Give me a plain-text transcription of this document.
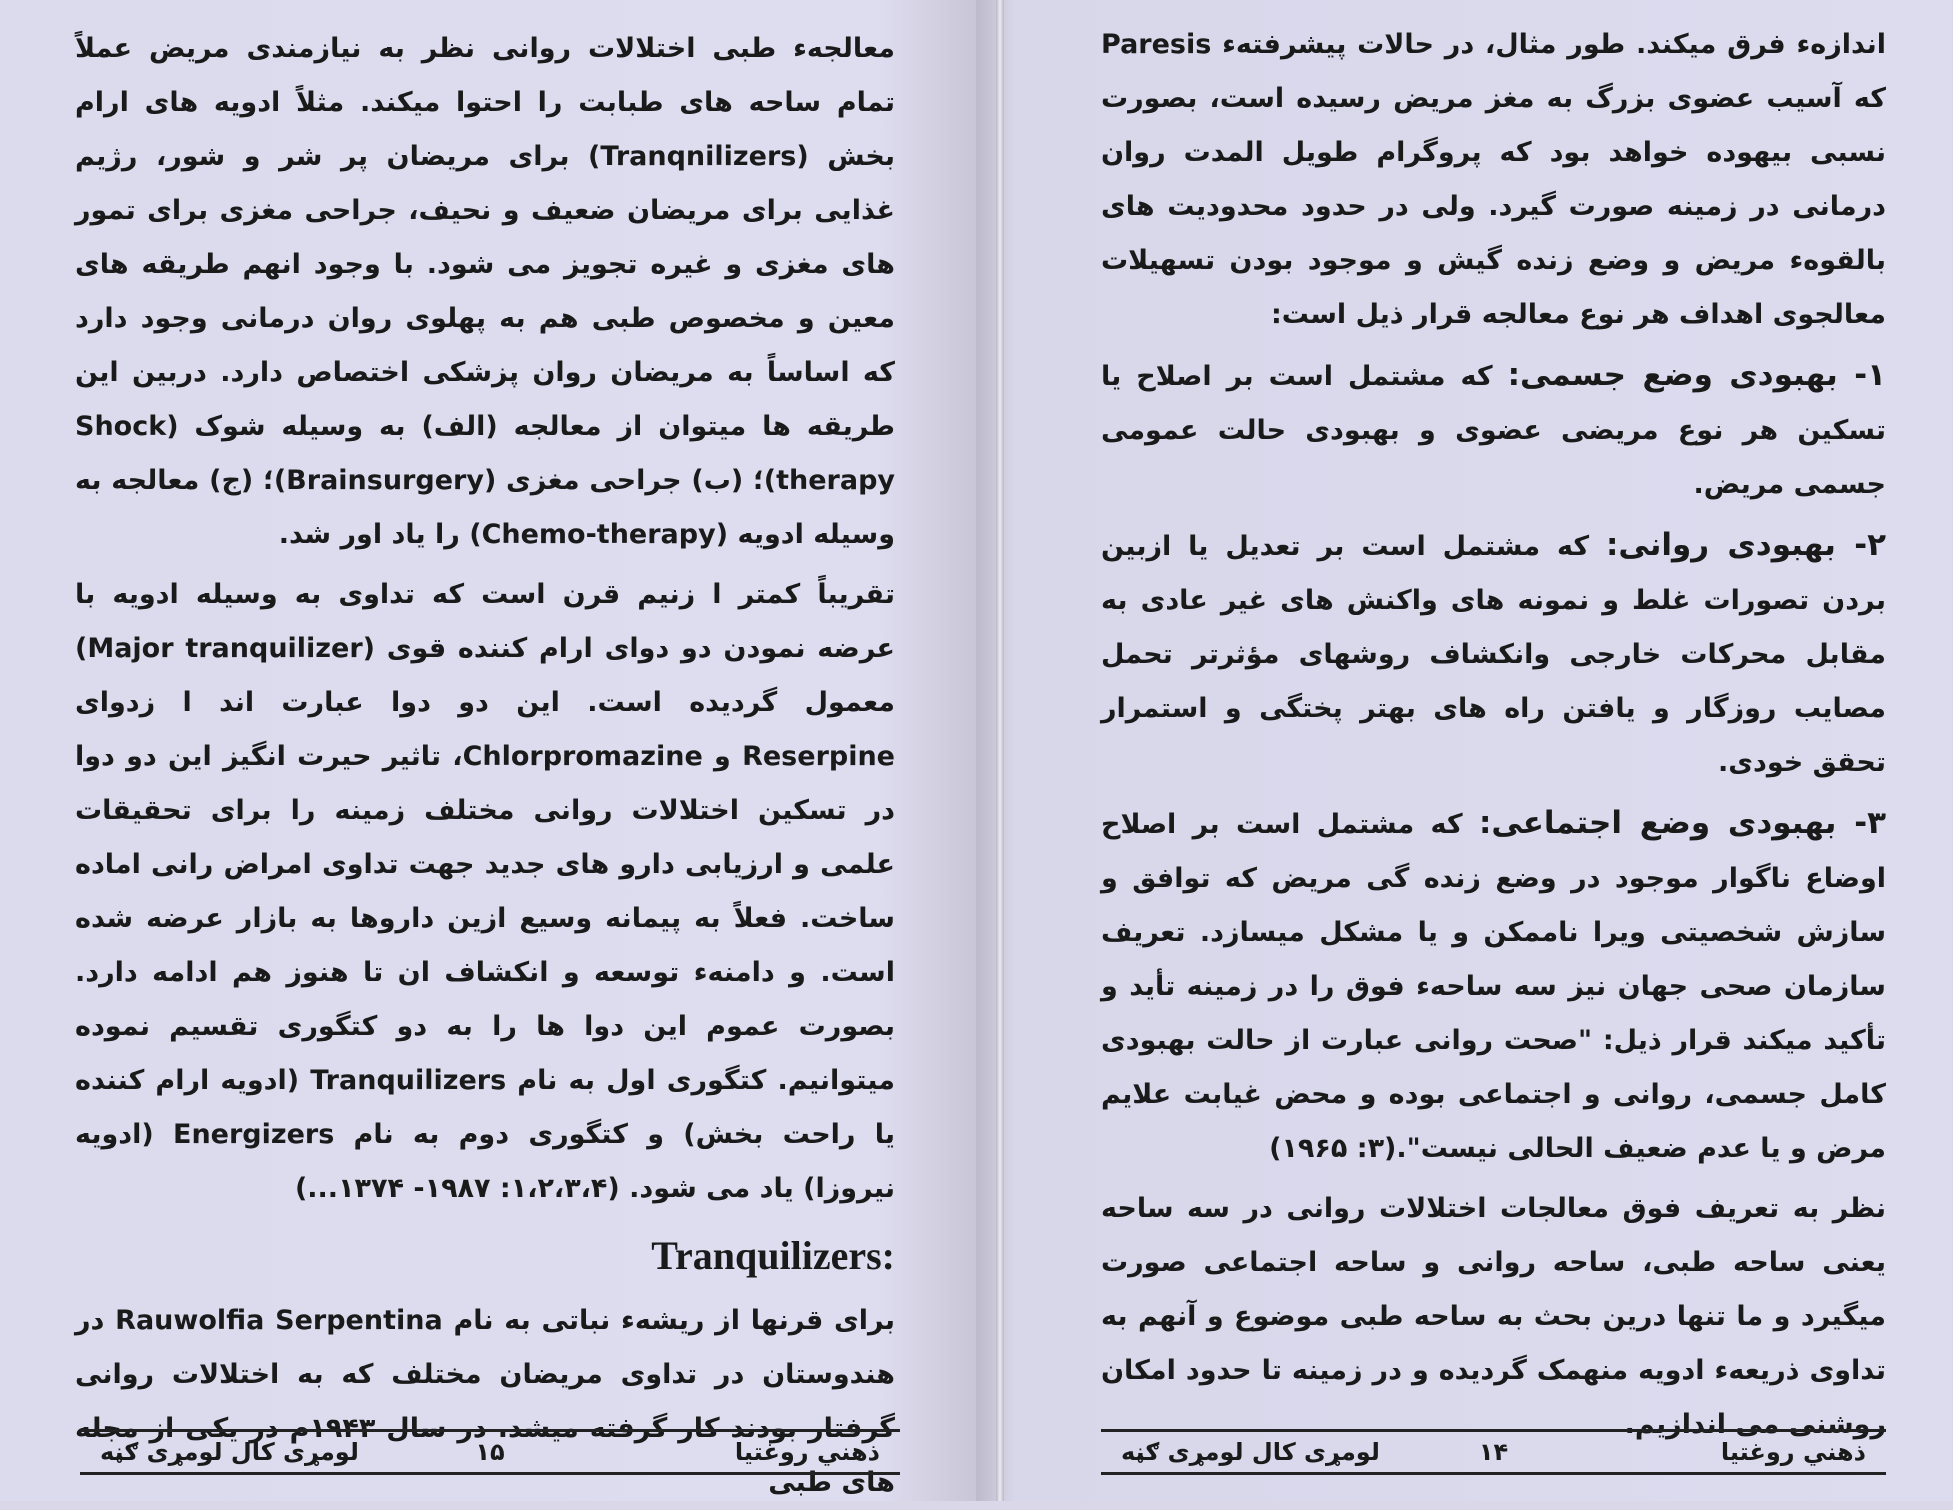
معالجهء طبی اختلالات روانی نظر به نیازمندی مریض عملاً تمام ساحه های طبابت را احتوا میکند. مثلاً ادویه های ارام بخش (Tranqnilizers) برای مریضان پر شر و شور، رژیم غذایی برای مریضان ضعیف و نحیف، جراحی مغزی برای تمور های مغزی و غیره تجویز می شود. با وجود انهم طریقه های معین و مخصوص طبی هم به پهلوی روان درمانی وجود دارد که اساساً به مریضان روان پزشکی اختصاص دارد. دربین این طریقه ها میتوان از معالجه (الف) به وسیله شوک (Shock therapy)؛ (ب) جراحی مغزی (Brainsurgery)؛ (ج) معالجه به وسیله ادویه (Chemo-therapy) را یاد اور شد.

تقریباً کمتر ا زنیم قرن است که تداوی به وسیله ادویه با عرضه نمودن دو دوای ارام کننده قوی (Major tranquilizer) معمول گردیده است. این دو دوا عبارت اند ا زدوای Reserpine و Chlorpromazine، تاثیر حیرت انگیز این دو دوا در تسکین اختلالات روانی مختلف زمینه را برای تحقیقات علمی و ارزیابی دارو های جدید جهت تداوی امراض رانی اماده ساخت. فعلاً به پیمانه وسیع ازین داروها به بازار عرضه شده است. و دامنهء توسعه و انکشاف ان تا هنوز هم ادامه دارد. بصورت عموم این دوا ها را به دو کتگوری تقسیم نموده میتوانیم. کتگوری اول به نام Tranquilizers (ادویه ارام کننده یا راحت بخش) و کتگوری دوم به نام Energizers (ادویه نیروزا) یاد می شود. (۱،۲،۳،۴: ۱۹۸۷- ۱۳۷۴...)

Tranquilizers:

برای قرنها از ریشهء نباتی به نام Rauwolfia Serpentina در هندوستان در تداوی مریضان مختلف که به اختلالات روانی گرفتار بودند کار گرفته میشد. در سال ۱۹۴۳م در یکی از مجله های طبی

ذهني روغتيا
۱۵
لومړی کال لومړی ګڼه

اندازهء فرق میکند. طور مثال، در حالات پیشرفتهء Paresis که آسیب عضوی بزرگ به مغز مریض رسیده است، بصورت نسبی بیهوده خواهد بود که پروگرام طویل المدت روان درمانی در زمینه صورت گیرد. ولی در حدود محدودیت های بالقوهء مریض و وضع زنده گیش و موجود بودن تسهیلات معالجوی اهداف هر نوع معالجه قرار ذیل است:

۱- بهبودی وضع جسمی: که مشتمل است بر اصلاح یا تسکین هر نوع مریضی عضوی و بهبودی حالت عمومی جسمی مریض.

۲- بهبودی روانی: که مشتمل است بر تعدیل یا ازبین بردن تصورات غلط و نمونه های واکنش های غیر عادی به مقابل محرکات خارجی وانکشاف روشهای مؤثرتر تحمل مصایب روزگار و یافتن راه های بهتر پختگی و استمرار تحقق خودی.

۳- بهبودی وضع اجتماعی: که مشتمل است بر اصلاح اوضاع ناگوار موجود در وضع زنده گی مریض که توافق و سازش شخصیتی ویرا ناممکن و یا مشکل میسازد. تعریف سازمان صحی جهان نیز سه ساحهء فوق را در زمینه تأید و تأکید میکند قرار ذیل: "صحت روانی عبارت از حالت بهبودی کامل جسمی، روانی و اجتماعی بوده و محض غیابت علایم مرض و یا عدم ضعیف الحالی نیست".(۳: ۱۹۶۵)

نظر به تعریف فوق معالجات اختلالات روانی در سه ساحه یعنی ساحه طبی، ساحه روانی و ساحه اجتماعی صورت میگیرد و ما تنها درین بحث به ساحه طبی موضوع و آنهم به تداوی ذریعهء ادویه منهمک گردیده و در زمینه تا حدود امکان روشنی می اندازیم.

ذهني روغتيا
۱۴
لومړی کال لومړی ګڼه
